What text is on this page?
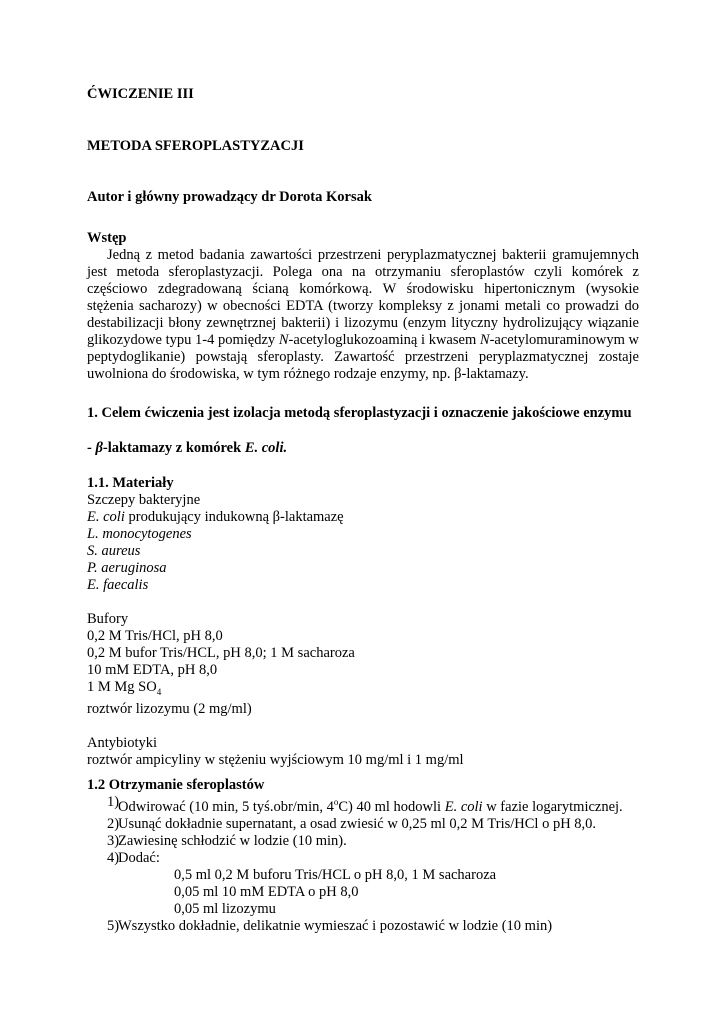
ĆWICZENIE III
METODA SFEROPLASTYZACJI
Autor i główny prowadzący dr Dorota Korsak
Wstęp
Jedną z metod badania zawartości przestrzeni peryplazmatycznej bakterii gramujemnych jest metoda sferoplastyzacji. Polega ona na otrzymaniu sferoplastów czyli komórek z częściowo zdegradowaną ścianą komórkową. W środowisku hipertonicznym (wysokie stężenia sacharozy) w obecności EDTA (tworzy kompleksy z jonami metali co prowadzi do destabilizacji błony zewnętrznej bakterii) i lizozymu (enzym lityczny hydrolizujący wiązanie glikozydowe typu 1-4 pomiędzy N-acetyloglukozoaminą i kwasem N-acetylomuraminowym w peptydoglikanie) powstają sferoplasty. Zawartość przestrzeni peryplazmatycznej zostaje uwolniona do środowiska, w tym różnego rodzaje enzymy, np. β-laktamazy.
1. Celem ćwiczenia jest izolacja metodą sferoplastyzacji i oznaczenie jakościowe enzymu
- β-laktamazy z komórek E. coli.
1.1. Materiały
Szczepy bakteryjne
E. coli produkujący indukowną β-laktamazę
L. monocytogenes
S. aureus
P. aeruginosa
E. faecalis
Bufory
0,2 M Tris/HCl, pH 8,0
0,2 M bufor Tris/HCL, pH 8,0; 1 M sacharoza
10 mM EDTA, pH 8,0
1 M Mg $SO_4$
roztwór lizozymu (2 mg/ml)
Antybiotyki
roztwór ampicyliny w stężeniu wyjściowym 10 mg/ml i 1 mg/ml
1.2 Otrzymanie sferoplastów
1)
Odwirować (10 min, 5 tyś.obr/min, 4$^o$C) 40 ml hodowli E. coli w fazie logarytmicznej.
2)
Usunąć dokładnie supernatant, a osad zwiesić w 0,25 ml 0,2 M Tris/HCl o pH 8,0.
3)
Zawiesinę schłodzić w lodzie (10 min).
4)
Dodać:
0,5 ml 0,2 M buforu Tris/HCL o pH 8,0, 1 M sacharoza
0,05 ml 10 mM EDTA o pH 8,0
0,05 ml lizozymu
5)
Wszystko dokładnie, delikatnie wymieszać i pozostawić w lodzie (10 min)
